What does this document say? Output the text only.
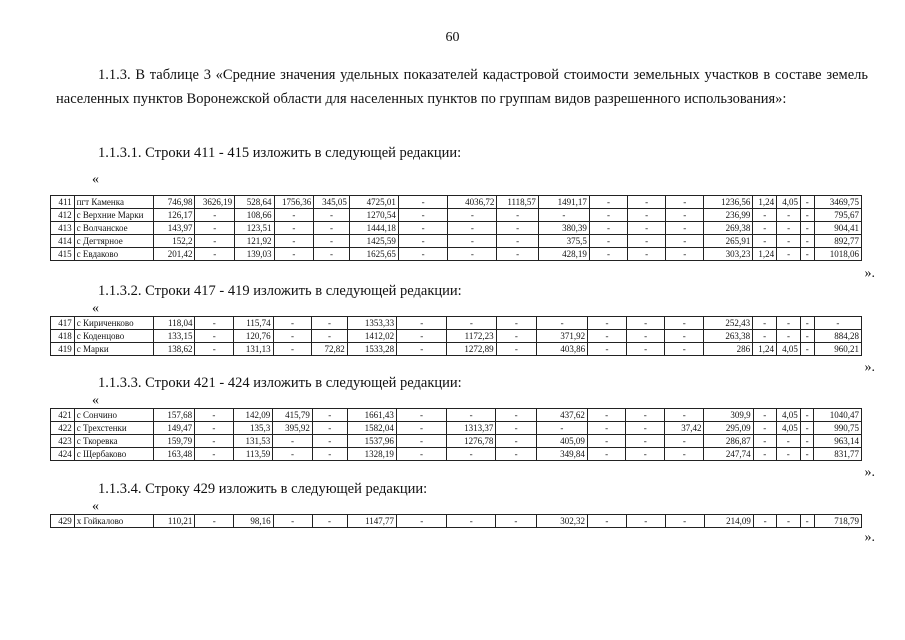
60
1.1.3. В таблице 3 «Средние значения удельных показателей кадастровой стоимости земельных участков в составе земель населенных пунктов Воронежской области для населенных пунктов по группам видов разрешенного использования»:
1.1.3.1. Строки 411 - 415 изложить в следующей редакции:
«
411	пгт Каменка	746,98	3626,19	528,64	1756,36	345,05	4725,01	-	4036,72	1118,57	1491,17	-	-	-	1236,56	1,24	4,05	-	3469,75
412	с Верхние Марки	126,17	-	108,66	-	-	1270,54	-	-	-	-	-	-	-	236,99	-	-	-	795,67
413	с Волчанское	143,97	-	123,51	-	-	1444,18	-	-	-	380,39	-	-	-	269,38	-	-	-	904,41
414	с Дегтярное	152,2	-	121,92	-	-	1425,59	-	-	-	375,5	-	-	-	265,91	-	-	-	892,77
415	с Евдаково	201,42	-	139,03	-	-	1625,65	-	-	-	428,19	-	-	-	303,23	1,24	-	-	1018,06
».
1.1.3.2. Строки 417 - 419 изложить в следующей редакции:
«
417	с Кириченково	118,04	-	115,74	-	-	1353,33	-	-	-	-	-	-	-	252,43	-	-	-	-
418	с Коденцово	133,15	-	120,76	-	-	1412,02	-	1172,23	-	371,92	-	-	-	263,38	-	-	-	884,28
419	с Марки	138,62	-	131,13	-	72,82	1533,28	-	1272,89	-	403,86	-	-	-	286	1,24	4,05	-	960,21
».
1.1.3.3. Строки 421 - 424 изложить в следующей редакции:
«
421	с Сончино	157,68	-	142,09	415,79	-	1661,43	-	-	-	437,62	-	-	-	309,9	-	4,05	-	1040,47
422	с Трехстенки	149,47	-	135,3	395,92	-	1582,04	-	1313,37	-	-	-	-	37,42	295,09	-	4,05	-	990,75
423	с Ткоревка	159,79	-	131,53	-	-	1537,96	-	1276,78	-	405,09	-	-	-	286,87	-	-	-	963,14
424	с Щербаково	163,48	-	113,59	-	-	1328,19	-	-	-	349,84	-	-	-	247,74	-	-	-	831,77
».
1.1.3.4. Строку 429 изложить в следующей редакции:
«
429	х Гойкалово	110,21	-	98,16	-	-	1147,77	-	-	-	302,32	-	-	-	214,09	-	-	-	718,79
».
